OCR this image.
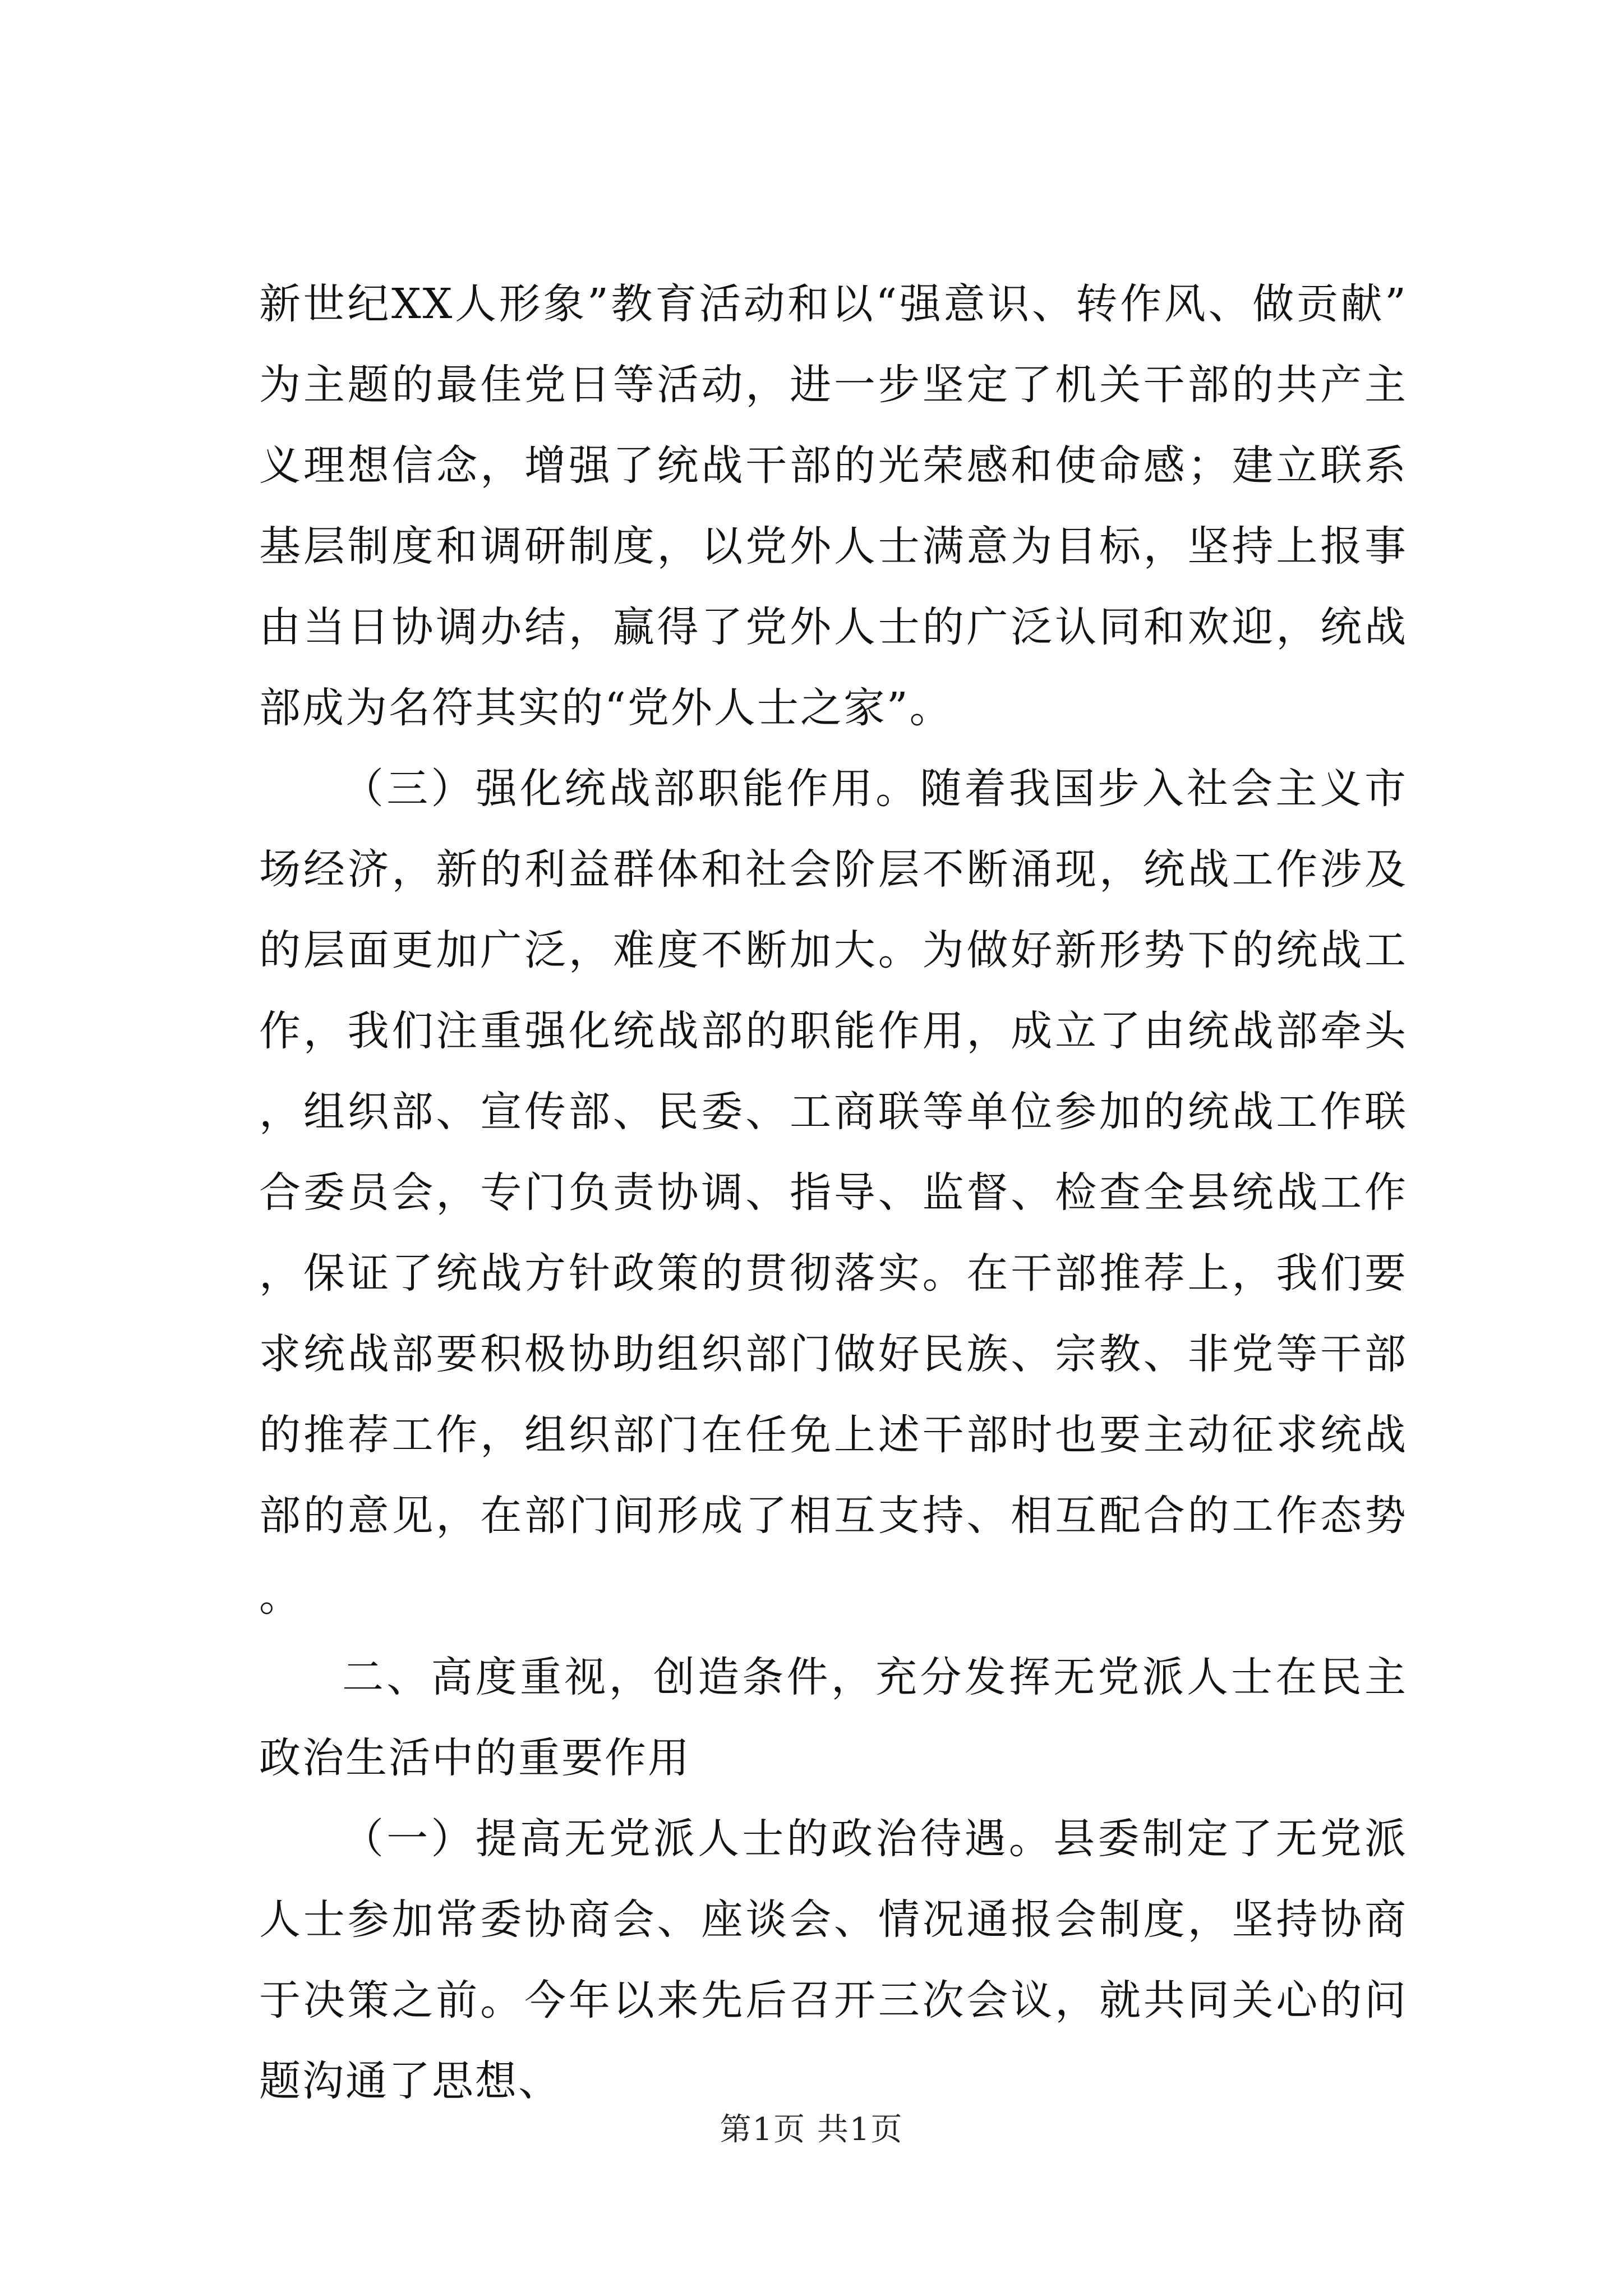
新世纪XX人形象”教育活动和以“强意识、转作风、做贡献”为主题的最佳党日等活动，进一步坚定了机关干部的共产主义理想信念，增强了统战干部的光荣感和使命感；建立联系基层制度和调研制度，以党外人士满意为目标，坚持上报事由当日协调办结，赢得了党外人士的广泛认同和欢迎，统战部成为名符其实的“党外人士之家”。

（三）强化统战部职能作用。随着我国步入社会主义市场经济，新的利益群体和社会阶层不断涌现，统战工作涉及的层面更加广泛，难度不断加大。为做好新形势下的统战工作，我们注重强化统战部的职能作用，成立了由统战部牵头，组织部、宣传部、民委、工商联等单位参加的统战工作联合委员会，专门负责协调、指导、监督、检查全县统战工作，保证了统战方针政策的贯彻落实。在干部推荐上，我们要求统战部要积极协助组织部门做好民族、宗教、非党等干部的推荐工作，组织部门在任免上述干部时也要主动征求统战部的意见，在部门间形成了相互支持、相互配合的工作态势。

二、高度重视，创造条件，充分发挥无党派人士在民主政治生活中的重要作用

（一）提高无党派人士的政治待遇。县委制定了无党派人士参加常委协商会、座谈会、情况通报会制度，坚持协商于决策之前。今年以来先后召开三次会议，就共同关心的问题沟通了思想、

第1页 共1页
